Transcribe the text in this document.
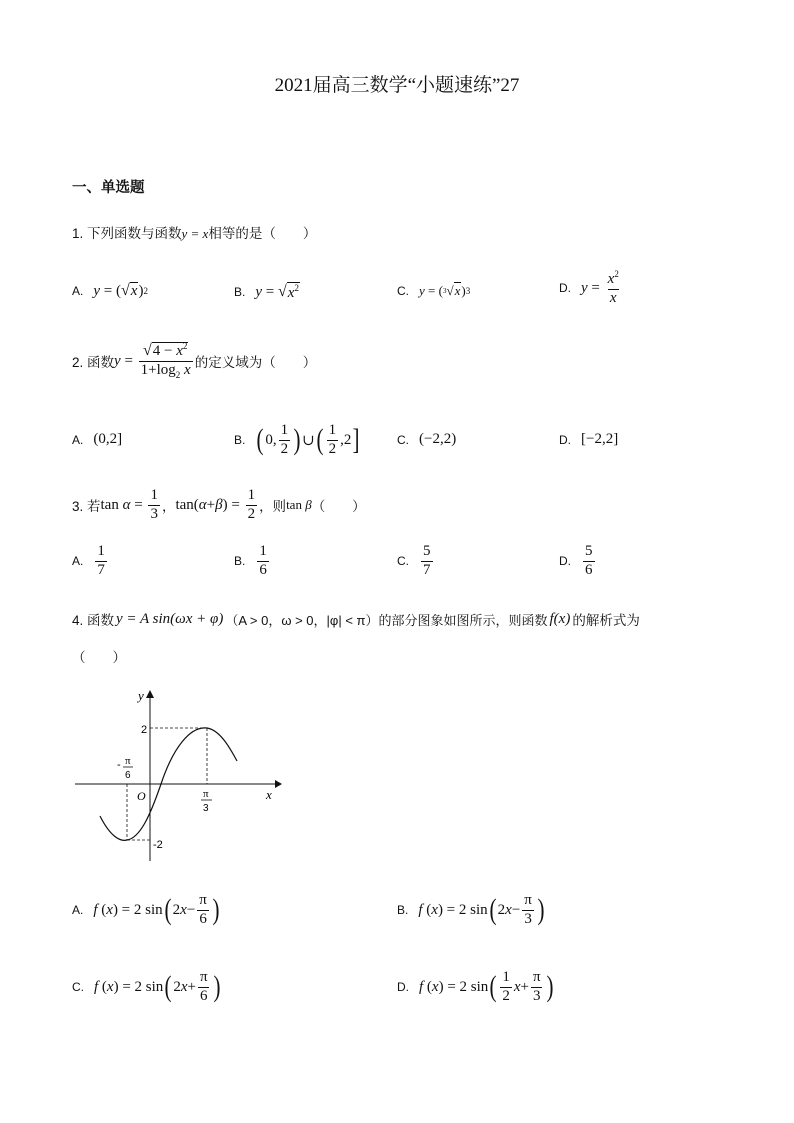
2021届高三数学“小题速练”27
一、单选题
1. 下列函数与函数y = x相等的是（　　）
A. y = ( √ x ) 2	B. y = √ $x^2$	C. y = ( 3 √ x ) 3	D. $y = \frac{x^2}{x}$
2. 函数 $y = \frac{√4 - x^2}{1+\log_2 x}$ 的定义域为（　　）
A. (0,2]	B. ( 0, $\frac{1}{2}$ ) ∪ ( $\frac{1}{2} ,2$ ]	C. (−2,2)	D. [−2,2]
3. 若 $\tan \alpha = \frac{1}{3}$ ， tan( α + β ) = $\frac{1}{2}$ ，则 tan β （　　）
A. $\frac{1}{7}$	B. $\frac{1}{6}$	C. $\frac{5}{7}$	D. $\frac{5}{6}$
4. 函数 y = A sin(ωx + φ) （A > 0，ω > 0，|φ| < π）的部分图象如图所示，则函数 f(x) 的解析式为
（　　）
y
x
O
2
-2
- π
6
π
3
A. f ( x ) = 2 sin ( 2 $x - \frac{\pi}{6}$ )	B. f ( x ) = 2 sin ( 2 $x - \frac{\pi}{3}$ )
C. f ( x ) = 2 sin ( 2 $x + \frac{\pi}{6}$ )	D. f ( x ) = 2 sin ( $\frac{1}{2}$ $x + \frac{\pi}{3}$ )
